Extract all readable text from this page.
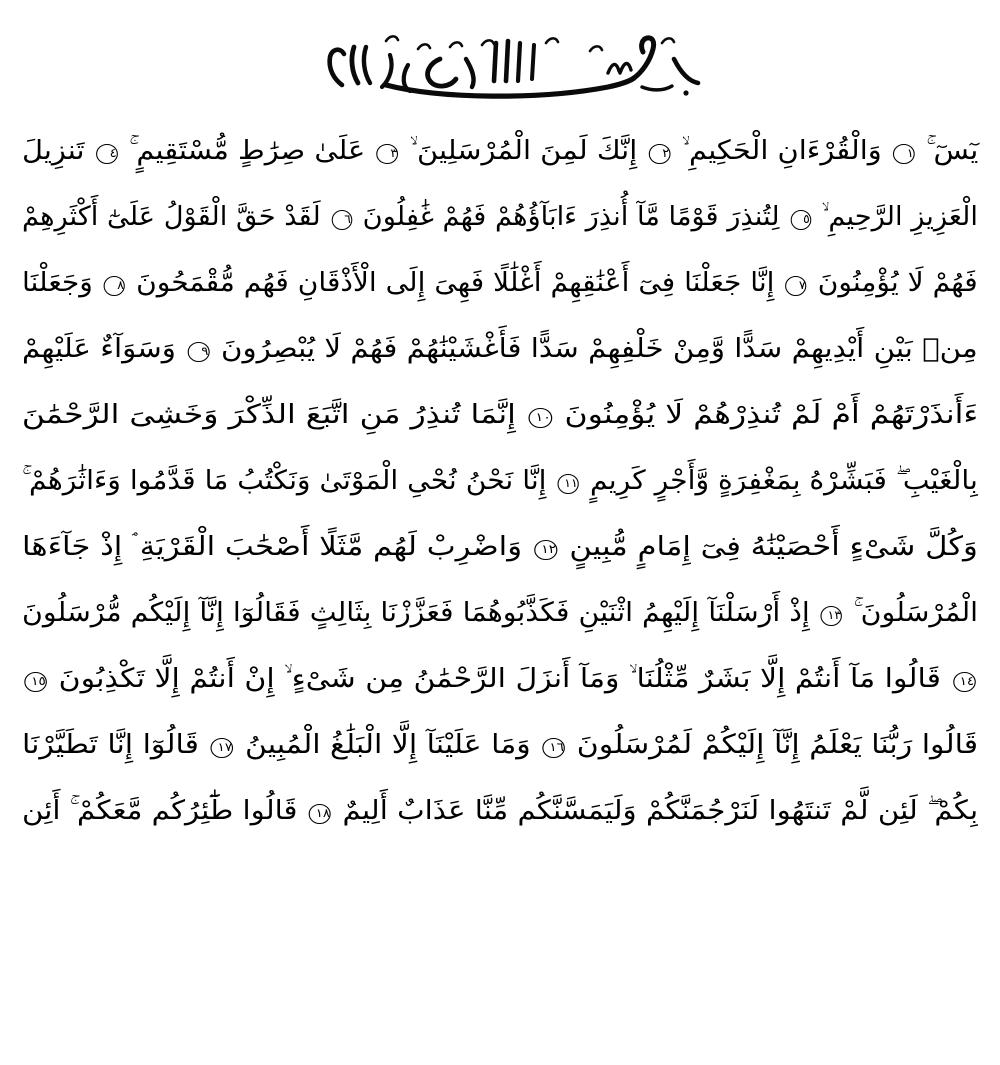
يٓسٓ ۚ ١ وَالْقُرْءَانِ الْحَكِيمِ ۙ ٢ إِنَّكَ لَمِنَ الْمُرْسَلِينَ ۙ ٣ عَلَىٰ صِرَٰطٍ مُّسْتَقِيمٍ ۚ ٤ تَنزِيلَ
الْعَزِيزِ الرَّحِيمِ ۙ ٥ لِتُنذِرَ قَوْمًا مَّآ أُنذِرَ ءَابَآؤُهُمْ فَهُمْ غَٰفِلُونَ ٦ لَقَدْ حَقَّ الْقَوْلُ عَلَىٰٓ أَكْثَرِهِمْ
فَهُمْ لَا يُؤْمِنُونَ ٧ إِنَّا جَعَلْنَا فِىٓ أَعْنَٰقِهِمْ أَغْلَٰلًا فَهِىَ إِلَى الْأَذْقَانِ فَهُم مُّقْمَحُونَ ٨ وَجَعَلْنَا
مِنۢ بَيْنِ أَيْدِيهِمْ سَدًّا وَّمِنْ خَلْفِهِمْ سَدًّا فَأَغْشَيْنَٰهُمْ فَهُمْ لَا يُبْصِرُونَ ٩ وَسَوَآءٌ عَلَيْهِمْ
ءَأَنذَرْتَهُمْ أَمْ لَمْ تُنذِرْهُمْ لَا يُؤْمِنُونَ ١٠ إِنَّمَا تُنذِرُ مَنِ اتَّبَعَ الذِّكْرَ وَخَشِىَ الرَّحْمَٰنَ
بِالْغَيْبِ ۖ فَبَشِّرْهُ بِمَغْفِرَةٍ وَّأَجْرٍ كَرِيمٍ ١١ إِنَّا نَحْنُ نُحْىِ الْمَوْتَىٰ وَنَكْتُبُ مَا قَدَّمُوا وَءَاثَٰرَهُمْ ۚ
وَكُلَّ شَىْءٍ أَحْصَيْنَٰهُ فِىٓ إِمَامٍ مُّبِينٍ ١٢ وَاضْرِبْ لَهُم مَّثَلًا أَصْحَٰبَ الْقَرْيَةِ ۘ إِذْ جَآءَهَا
الْمُرْسَلُونَ ۚ ١٣ إِذْ أَرْسَلْنَآ إِلَيْهِمُ اثْنَيْنِ فَكَذَّبُوهُمَا فَعَزَّزْنَا بِثَالِثٍ فَقَالُوٓا إِنَّآ إِلَيْكُم مُّرْسَلُونَ
١٤ قَالُوا مَآ أَنتُمْ إِلَّا بَشَرٌ مِّثْلُنَا ۙ وَمَآ أَنزَلَ الرَّحْمَٰنُ مِن شَىْءٍ ۙ إِنْ أَنتُمْ إِلَّا تَكْذِبُونَ ١٥
قَالُوا رَبُّنَا يَعْلَمُ إِنَّآ إِلَيْكُمْ لَمُرْسَلُونَ ١٦ وَمَا عَلَيْنَآ إِلَّا الْبَلَٰغُ الْمُبِينُ ١٧ قَالُوٓا إِنَّا تَطَيَّرْنَا
بِكُمْ ۖ لَئِن لَّمْ تَنتَهُوا لَنَرْجُمَنَّكُمْ وَلَيَمَسَّنَّكُم مِّنَّا عَذَابٌ أَلِيمٌ ١٨ قَالُوا طَٰٓئِرُكُم مَّعَكُمْ ۚ أَئِن
